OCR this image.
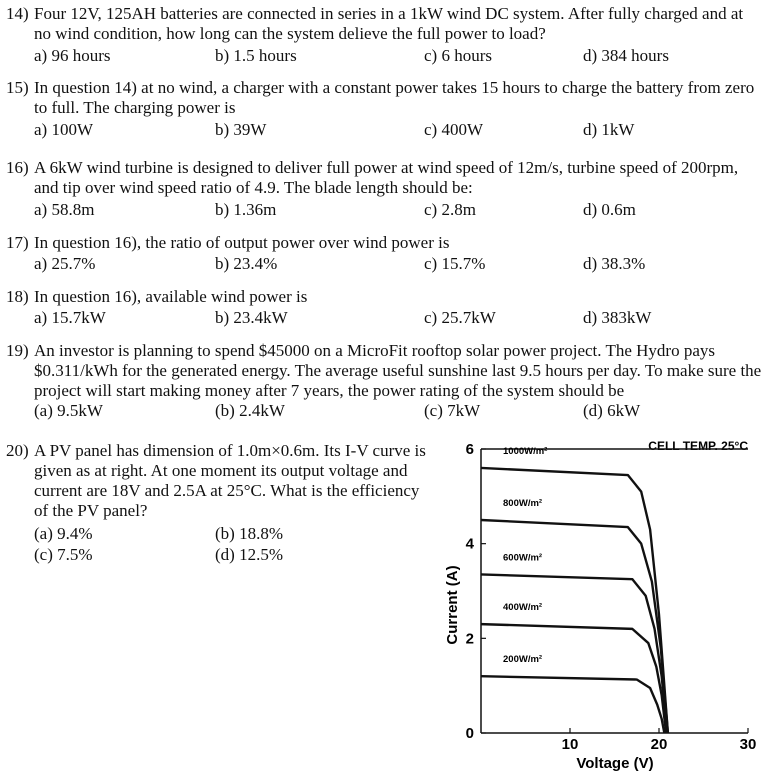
14) Four 12V, 125AH batteries are connected in series in a 1kW wind DC system. After fully charged and at no wind condition, how long can the system delieve the full power to load?
a) 96 hours	b) 1.5 hours	c) 6 hours	d) 384 hours
15) In question 14) at no wind, a charger with a constant power takes 15 hours to charge the battery from zero to full. The charging power is
a) 100W	b) 39W	c) 400W	d) 1kW
16) A 6kW wind turbine is designed to deliver full power at wind speed of 12m/s, turbine speed of 200rpm, and tip over wind speed ratio of 4.9. The blade length should be:
a) 58.8m	b) 1.36m	c) 2.8m	d) 0.6m
17) In question 16), the ratio of output power over wind power is
a) 25.7%	b) 23.4%	c) 15.7%	d) 38.3%
18) In question 16), available wind power is
a) 15.7kW	b) 23.4kW	c) 25.7kW	d) 383kW
19) An investor is planning to spend $45000 on a MicroFit rooftop solar power project. The Hydro pays $0.311/kWh for the generated energy. The average useful sunshine last 9.5 hours per day. To make sure the project will start making money after 7 years, the power rating of the system should be
(a) 9.5kW	(b) 2.4kW	(c) 7kW	(d) 6kW
20) A PV panel has dimension of 1.0m×0.6m. Its I-V curve is given as at right. At one moment its output voltage and current are 18V and 2.5A at 25°C. What is the efficiency of the PV panel?
(a) 9.4%	(b) 18.8%
(c) 7.5%	(d) 12.5%
CELL TEMP. 25°C
10	20	30
0
2
4
6	1000W/m²
800W/m²
600W/m²
400W/m²
200W/m²
Voltage (V)
Current (A)
